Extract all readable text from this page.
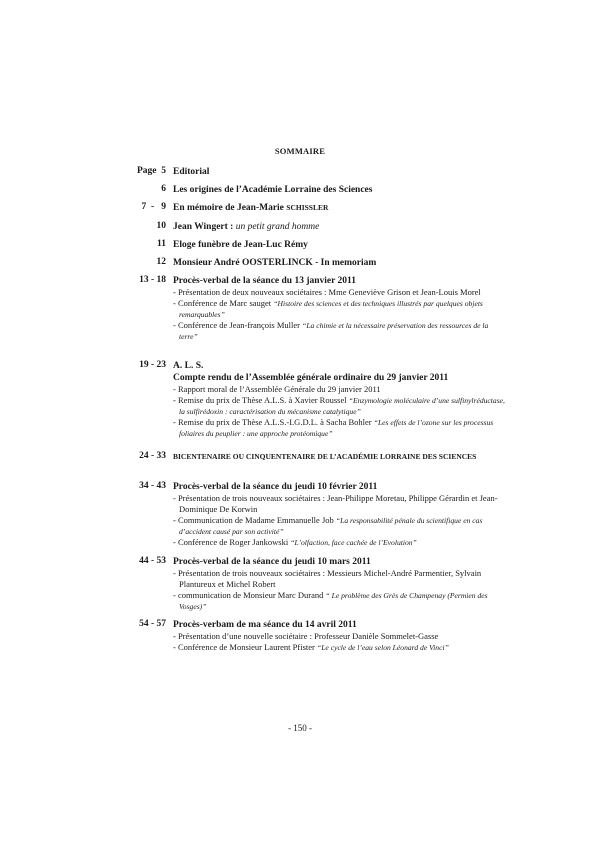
SOMMAIRE
Page  5 Editorial
6 Les origines de l’Académie Lorraine des Sciences
7  -   9 En mémoire de Jean-Marie SCHISSLER
10 Jean Wingert : un petit grand homme
11 Eloge funèbre de Jean-Luc Rémy
12 Monsieur André OOSTERLINCK - In memoriam
13 - 18 Procès-verbal de la séance du 13 janvier 2011

- Présentation de deux nouveaux sociétaires : Mme Geneviève Grison et Jean-Louis Morel

- Conférence de Marc sauget “Histoire des sciences et des techniques illustrés par quelques objets remarquables”

- Conférence de Jean-françois Muller “La chimie et la nécessaire préservation des ressources de la terre”

19 - 23 A. L. S.
Compte rendu de l’Assemblée générale ordinaire du 29 janvier 2011

- Rapport moral de l’Assemblée Générale du 29 janvier 2011

- Remise du prix de Thèse A.L.S. à Xavier Roussel “Enzymologie moléculaire d’une sulfinylréductase, la sulfirédoxin : caractérisation du mécanisme catalytique”

- Remise du prix de Thèse A.L.S.-I.G.D.L. à Sacha Bohler “Les effets de l’ozone sur les processus foliaires du peuplier : une approche protéomique”

24 - 33 BICENTENAIRE OU CINQUENTENAIRE DE L’ACADÉMIE LORRAINE DES SCIENCES
34 - 43 Procès-verbal de la séance du jeudi 10 février 2011

- Présentation de trois nouveaux sociétaires : Jean-Philippe Moretau, Philippe Gérardin et Jean-Dominique De Korwin

- Communication de Madame Emmanuelle Job “La responsabilité pénale du scientifique en cas d’accident causé par son activité”

- Conférence de Roger Jankowski “L’olfaction, face cachée de l’Evolution”

44 - 53 Procès-verbal de la séance du jeudi 10 mars 2011

- Présentation de trois nouveaux sociétaires : Messieurs Michel-André Parmentier, Sylvain Plantureux et Michel Robert

- communication de Monsieur Marc Durand “ Le problème des Grès de Champenay (Permien des Vosges)”

54 - 57 Procès-verbam de ma séance du 14 avril 2011

- Présentation d’une nouvelle sociétaire : Professeur Danièle Sommelet-Gasse

- Conférence de Monsieur Laurent Pfister “Le cycle de l’eau selon Léonard de Vinci”

- 150 -
